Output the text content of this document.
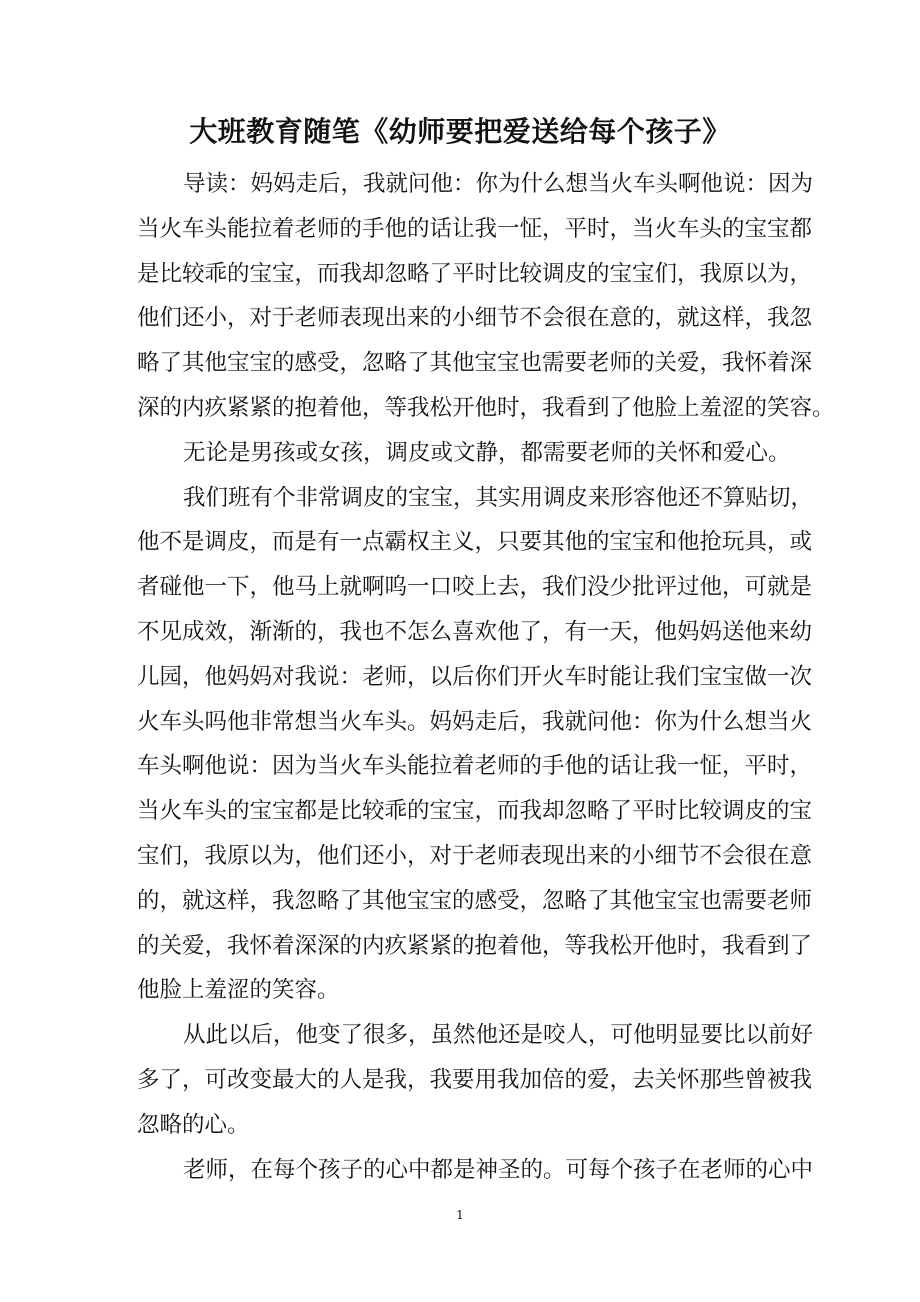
大班教育随笔《幼师要把爱送给每个孩子》
导读：妈妈走后，我就问他：你为什么想当火车头啊他说：因为
当火车头能拉着老师的手他的话让我一怔，平时，当火车头的宝宝都
是比较乖的宝宝，而我却忽略了平时比较调皮的宝宝们，我原以为，
他们还小，对于老师表现出来的小细节不会很在意的，就这样，我忽
略了其他宝宝的感受，忽略了其他宝宝也需要老师的关爱，我怀着深
深的内疚紧紧的抱着他，等我松开他时，我看到了他脸上羞涩的笑容。
无论是男孩或女孩，调皮或文静，都需要老师的关怀和爱心。
我们班有个非常调皮的宝宝，其实用调皮来形容他还不算贴切，
他不是调皮，而是有一点霸权主义，只要其他的宝宝和他抢玩具，或
者碰他一下，他马上就啊呜一口咬上去，我们没少批评过他，可就是
不见成效，渐渐的，我也不怎么喜欢他了，有一天，他妈妈送他来幼
儿园，他妈妈对我说：老师，以后你们开火车时能让我们宝宝做一次
火车头吗他非常想当火车头。妈妈走后，我就问他：你为什么想当火
车头啊他说：因为当火车头能拉着老师的手他的话让我一怔，平时，
当火车头的宝宝都是比较乖的宝宝，而我却忽略了平时比较调皮的宝
宝们，我原以为，他们还小，对于老师表现出来的小细节不会很在意
的，就这样，我忽略了其他宝宝的感受，忽略了其他宝宝也需要老师
的关爱，我怀着深深的内疚紧紧的抱着他，等我松开他时，我看到了
他脸上羞涩的笑容。
从此以后，他变了很多，虽然他还是咬人，可他明显要比以前好
多了，可改变最大的人是我，我要用我加倍的爱，去关怀那些曾被我
忽略的心。
老师，在每个孩子的心中都是神圣的。可每个孩子在老师的心中
1
